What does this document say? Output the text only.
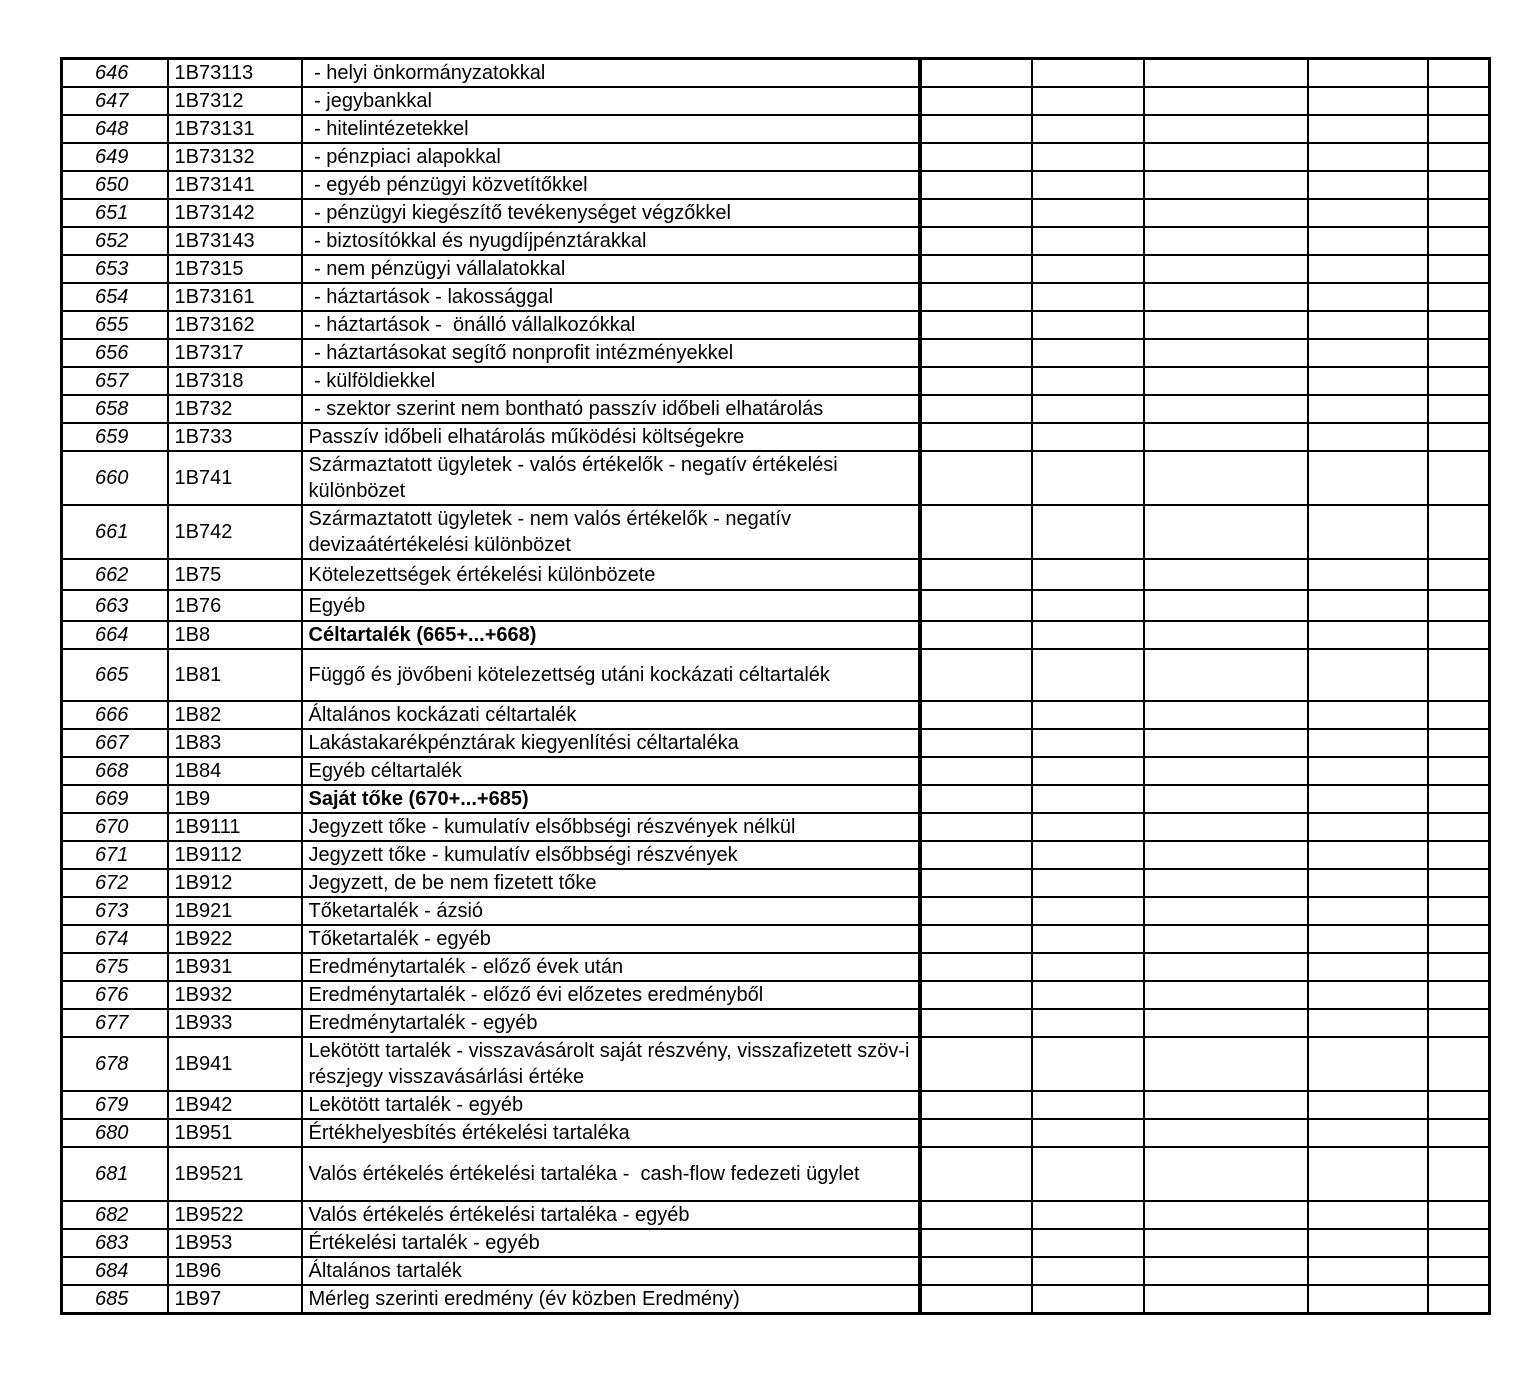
646	1B73113	- helyi önkormányzatokkal					
647	1B7312	- jegybankkal					
648	1B73131	- hitelintézetekkel					
649	1B73132	- pénzpiaci alapokkal					
650	1B73141	- egyéb pénzügyi közvetítőkkel					
651	1B73142	- pénzügyi kiegészítő tevékenységet végzőkkel					
652	1B73143	- biztosítókkal és nyugdíjpénztárakkal					
653	1B7315	- nem pénzügyi vállalatokkal					
654	1B73161	- háztartások - lakossággal					
655	1B73162	- háztartások -  önálló vállalkozókkal					
656	1B7317	- háztartásokat segítő nonprofit intézményekkel					
657	1B7318	- külföldiekkel					
658	1B732	- szektor szerint nem bontható passzív időbeli elhatárolás					
659	1B733	Passzív időbeli elhatárolás működési költségekre					
660	1B741	Származtatott ügyletek - valós értékelők - negatív értékelési különbözet					
661	1B742	Származtatott ügyletek - nem valós értékelők - negatív devizaátértékelési különbözet					
662	1B75	Kötelezettségek értékelési különbözete					
663	1B76	Egyéb					
664	1B8	Céltartalék (665+...+668)					
665	1B81	Függő és jövőbeni kötelezettség utáni kockázati céltartalék					
666	1B82	Általános kockázati céltartalék					
667	1B83	Lakástakarékpénztárak kiegyenlítési céltartaléka					
668	1B84	Egyéb céltartalék					
669	1B9	Saját tőke (670+...+685)					
670	1B9111	Jegyzett tőke - kumulatív elsőbbségi részvények nélkül					
671	1B9112	Jegyzett tőke - kumulatív elsőbbségi részvények					
672	1B912	Jegyzett, de be nem fizetett tőke					
673	1B921	Tőketartalék - ázsió					
674	1B922	Tőketartalék - egyéb					
675	1B931	Eredménytartalék - előző évek után					
676	1B932	Eredménytartalék - előző évi előzetes eredményből					
677	1B933	Eredménytartalék - egyéb					
678	1B941	Lekötött tartalék - visszavásárolt saját részvény, visszafizetett szöv-i részjegy visszavásárlási értéke					
679	1B942	Lekötött tartalék - egyéb					
680	1B951	Értékhelyesbítés értékelési tartaléka					
681	1B9521	Valós értékelés értékelési tartaléka -  cash-flow fedezeti ügylet					
682	1B9522	Valós értékelés értékelési tartaléka - egyéb					
683	1B953	Értékelési tartalék - egyéb					
684	1B96	Általános tartalék					
685	1B97	Mérleg szerinti eredmény (év közben Eredmény)					
